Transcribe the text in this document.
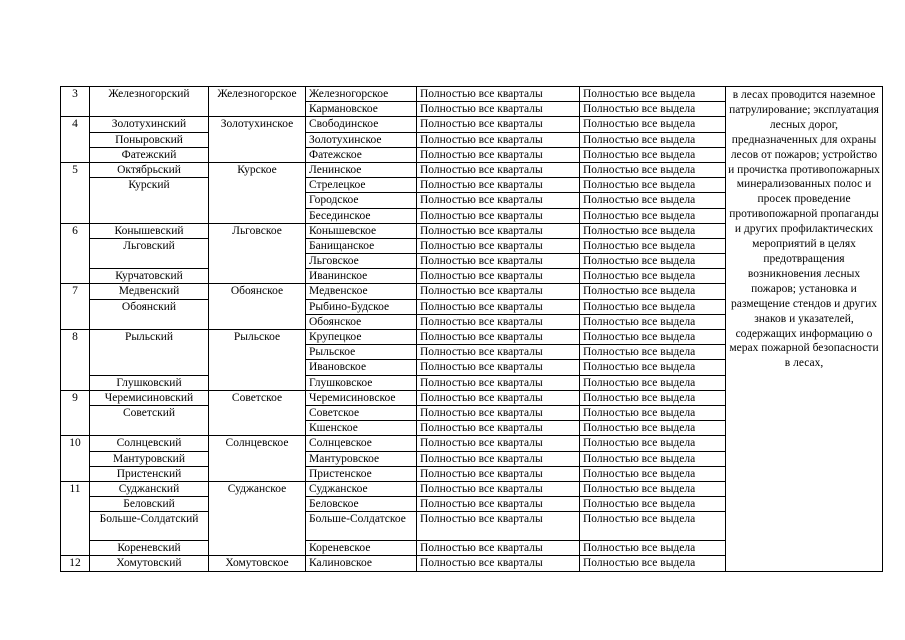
3	Железногорский	Железногорское	Железногорское	Полностью все кварталы	Полностью все выдела	в лесах проводится наземное патрулирование; эксплуатация лесных дорог, предназначенных для охраны лесов от пожаров; устройство и прочистка противопожарных минерализованных полос и просек проведение противопожарной пропаганды и других профилактических мероприятий в целях предотвращения возникновения лесных пожаров; установка и размещение стендов и других знаков и указателей, содержащих информацию о мерах пожарной безопасности в лесах,
			Кармановское	Полностью все кварталы	Полностью все выдела	
4	Золотухинский	Золотухинское	Свободинское	Полностью все кварталы	Полностью все выдела	
	Поныровский		Золотухинское	Полностью все кварталы	Полностью все выдела	
	Фатежский		Фатежское	Полностью все кварталы	Полностью все выдела	
5	Октябрьский	Курское	Ленинское	Полностью все кварталы	Полностью все выдела	
	Курский		Стрелецкое	Полностью все кварталы	Полностью все выдела	
			Городское	Полностью все кварталы	Полностью все выдела	
			Бесединское	Полностью все кварталы	Полностью все выдела	
6	Конышевский	Льговское	Конышевское	Полностью все кварталы	Полностью все выдела	
	Льговский		Банищанское	Полностью все кварталы	Полностью все выдела	
			Льговское	Полностью все кварталы	Полностью все выдела	
	Курчатовский		Иванинское	Полностью все кварталы	Полностью все выдела	
7	Медвенский	Обоянское	Медвенское	Полностью все кварталы	Полностью все выдела	
	Обоянский		Рыбино-Будское	Полностью все кварталы	Полностью все выдела	
			Обоянское	Полностью все кварталы	Полностью все выдела	
8	Рыльский	Рыльское	Крупецкое	Полностью все кварталы	Полностью все выдела	
			Рыльское	Полностью все кварталы	Полностью все выдела	
			Ивановское	Полностью все кварталы	Полностью все выдела	
	Глушковский		Глушковское	Полностью все кварталы	Полностью все выдела	
9	Черемисиновский	Советское	Черемисиновское	Полностью все кварталы	Полностью все выдела	
	Советский		Советское	Полностью все кварталы	Полностью все выдела	
			Кшенское	Полностью все кварталы	Полностью все выдела	
10	Солнцевский	Солнцевское	Солнцевское	Полностью все кварталы	Полностью все выдела	
	Мантуровский		Мантуровское	Полностью все кварталы	Полностью все выдела	
	Пристенский		Пристенское	Полностью все кварталы	Полностью все выдела	
11	Суджанский	Суджанское	Суджанское	Полностью все кварталы	Полностью все выдела	
	Беловский		Беловское	Полностью все кварталы	Полностью все выдела	
	Больше-Солдатский		Больше-Солдатское	Полностью все кварталы	Полностью все выдела	
	Кореневский		Кореневское	Полностью все кварталы	Полностью все выдела	
12	Хомутовский	Хомутовское	Калиновское	Полностью все кварталы	Полностью все выдела	
